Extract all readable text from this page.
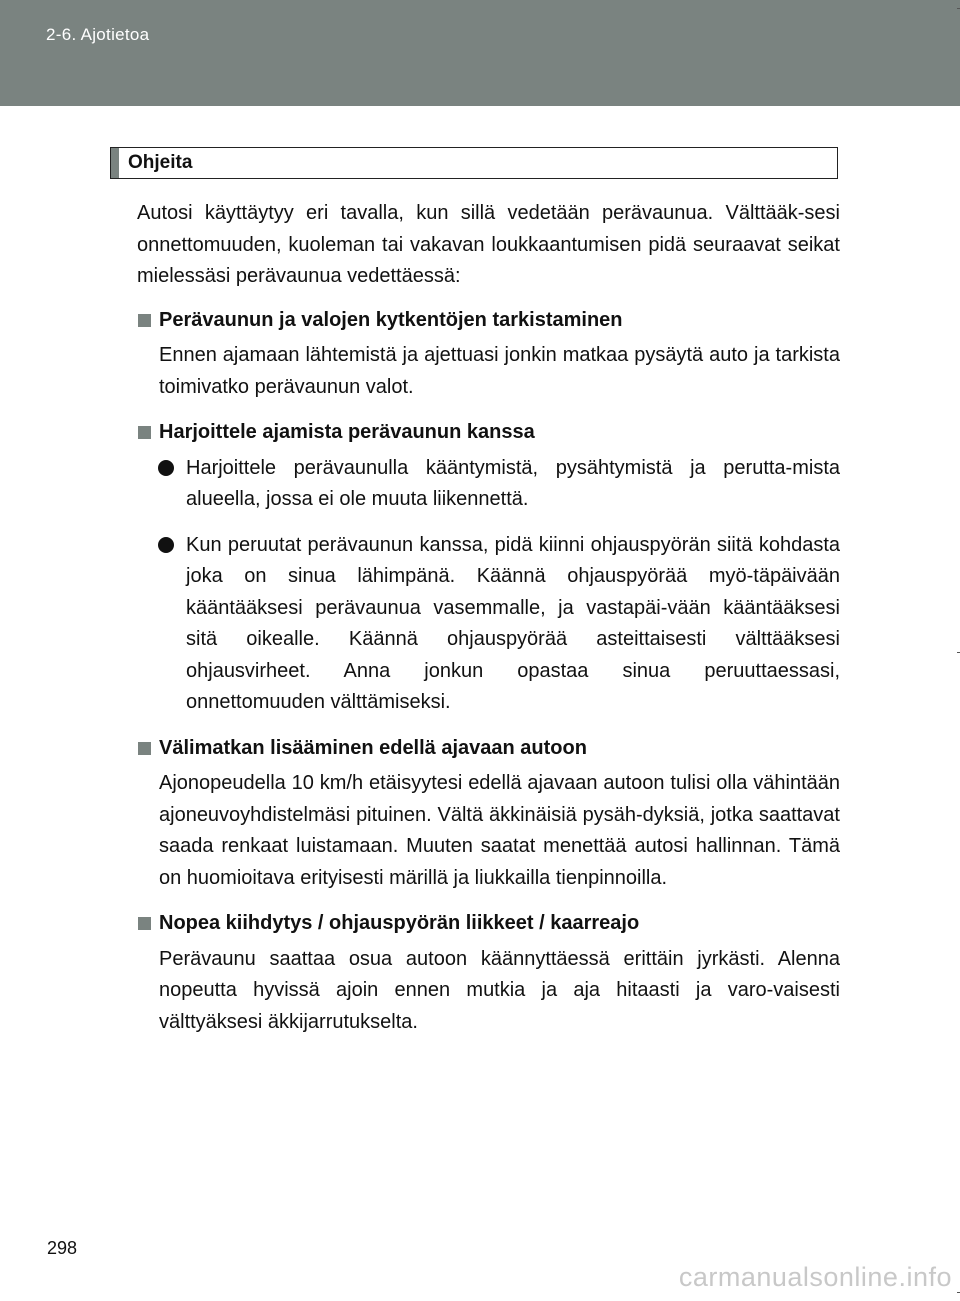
2-6. Ajotietoa
Ohjeita

Autosi käyttäytyy eri tavalla, kun sillä vedetään perävaunua. Välttääk-sesi onnettomuuden, kuoleman tai vakavan loukkaantumisen pidä seuraavat seikat mielessäsi perävaunua vedettäessä:

Perävaunun ja valojen kytkentöjen tarkistaminen

Ennen ajamaan lähtemistä ja ajettuasi jonkin matkaa pysäytä auto ja tarkista toimivatko perävaunun valot.

Harjoittele ajamista perävaunun kanssa

Harjoittele perävaunulla kääntymistä, pysähtymistä ja perutta-mista alueella, jossa ei ole muuta liikennettä.

Kun peruutat perävaunun kanssa, pidä kiinni ohjauspyörän siitä kohdasta joka on sinua lähimpänä. Käännä ohjauspyörää myö-täpäivään kääntääksesi perävaunua vasemmalle, ja vastapäi-vään kääntääksesi sitä oikealle. Käännä ohjauspyörää asteittaisesti välttääksesi ohjausvirheet. Anna jonkun opastaa sinua peruuttaessasi, onnettomuuden välttämiseksi.

Välimatkan lisääminen edellä ajavaan autoon

Ajonopeudella 10 km/h etäisyytesi edellä ajavaan autoon tulisi olla vähintään ajoneuvoyhdistelmäsi pituinen. Vältä äkkinäisiä pysäh-dyksiä, jotka saattavat saada renkaat luistamaan. Muuten saatat menettää autosi hallinnan. Tämä on huomioitava erityisesti märillä ja liukkailla tienpinnoilla.

Nopea kiihdytys / ohjauspyörän liikkeet / kaarreajo

Perävaunu saattaa osua autoon käännyttäessä erittäin jyrkästi. Alenna nopeutta hyvissä ajoin ennen mutkia ja aja hitaasti ja varo-vaisesti välttyäksesi äkkijarrutukselta.

298
carmanualsonline.info
